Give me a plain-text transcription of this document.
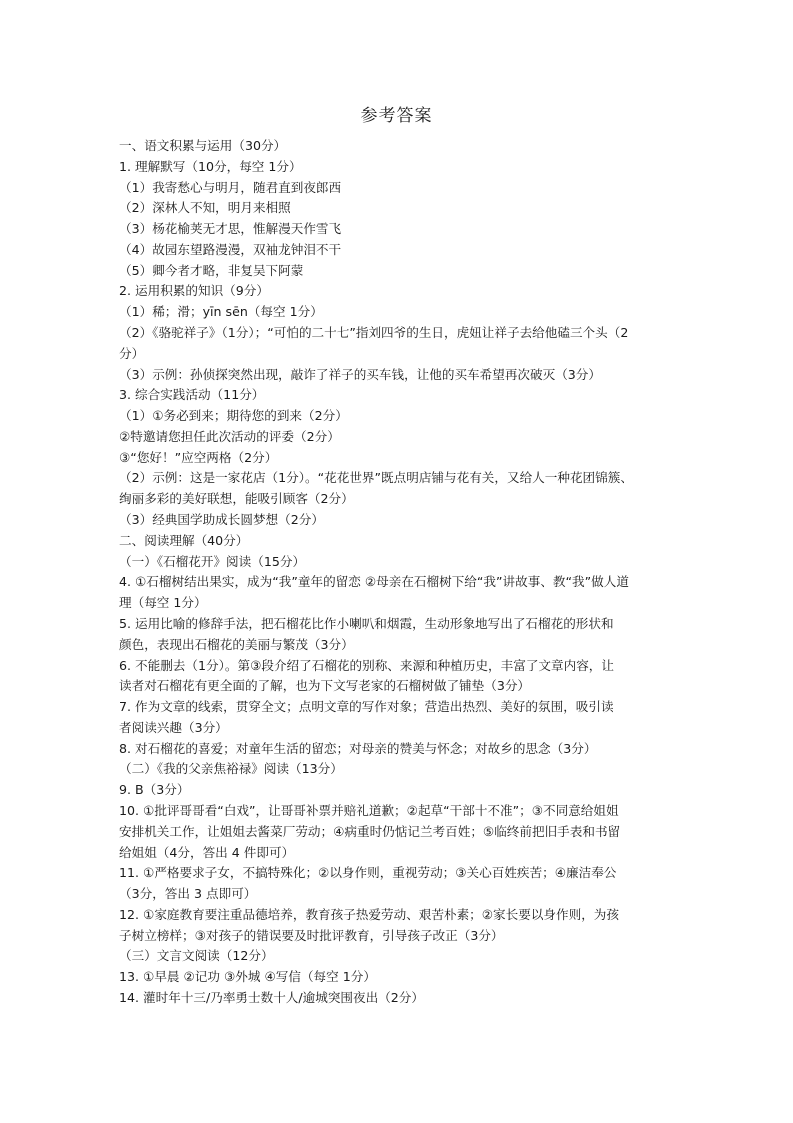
参考答案
一、语文积累与运用（30分）
1. 理解默写（10分，每空 1分）
（1）我寄愁心与明月，随君直到夜郎西
（2）深林人不知，明月来相照
（3）杨花榆荚无才思，惟解漫天作雪飞
（4）故园东望路漫漫，双袖龙钟泪不干
（5）卿今者才略，非复吴下阿蒙
2. 运用积累的知识（9分）
（1）稀；滑；yīn sēn（每空 1分）
（2）《骆驼祥子》（1分）；“可怕的二十七”指刘四爷的生日，虎妞让祥子去给他磕三个头（2
分）
（3）示例：孙侦探突然出现，敲诈了祥子的买车钱，让他的买车希望再次破灭（3分）
3. 综合实践活动（11分）
（1）①务必到来；期待您的到来（2分）
②特邀请您担任此次活动的评委（2分）
③“您好！”应空两格（2分）
（2）示例：这是一家花店（1分）。“花花世界”既点明店铺与花有关，又给人一种花团锦簇、
绚丽多彩的美好联想，能吸引顾客（2分）
（3）经典国学助成长圆梦想（2分）
二、阅读理解（40分）
（一）《石榴花开》阅读（15分）
4. ①石榴树结出果实，成为“我”童年的留恋 ②母亲在石榴树下给“我”讲故事、教“我”做人道
理（每空 1分）
5. 运用比喻的修辞手法，把石榴花比作小喇叭和烟霞，生动形象地写出了石榴花的形状和
颜色，表现出石榴花的美丽与繁茂（3分）
6. 不能删去（1分）。第③段介绍了石榴花的别称、来源和种植历史，丰富了文章内容，让
读者对石榴花有更全面的了解，也为下文写老家的石榴树做了铺垫（3分）
7. 作为文章的线索，贯穿全文；点明文章的写作对象；营造出热烈、美好的氛围，吸引读
者阅读兴趣（3分）
8. 对石榴花的喜爱；对童年生活的留恋；对母亲的赞美与怀念；对故乡的思念（3分）
（二）《我的父亲焦裕禄》阅读（13分）
9. B（3分）
10. ①批评哥哥看“白戏”，让哥哥补票并赔礼道歉；②起草“干部十不准”；③不同意给姐姐
安排机关工作，让姐姐去酱菜厂劳动；④病重时仍惦记兰考百姓；⑤临终前把旧手表和书留
给姐姐（4分，答出 4 件即可）
11. ①严格要求子女，不搞特殊化；②以身作则，重视劳动；③关心百姓疾苦；④廉洁奉公
（3分，答出 3 点即可）
12. ①家庭教育要注重品德培养，教育孩子热爱劳动、艰苦朴素；②家长要以身作则，为孩
子树立榜样；③对孩子的错误要及时批评教育，引导孩子改正（3分）
（三）文言文阅读（12分）
13. ①早晨 ②记功 ③外城 ④写信（每空 1分）
14. 灌时年十三/乃率勇士数十人/逾城突围夜出（2分）
